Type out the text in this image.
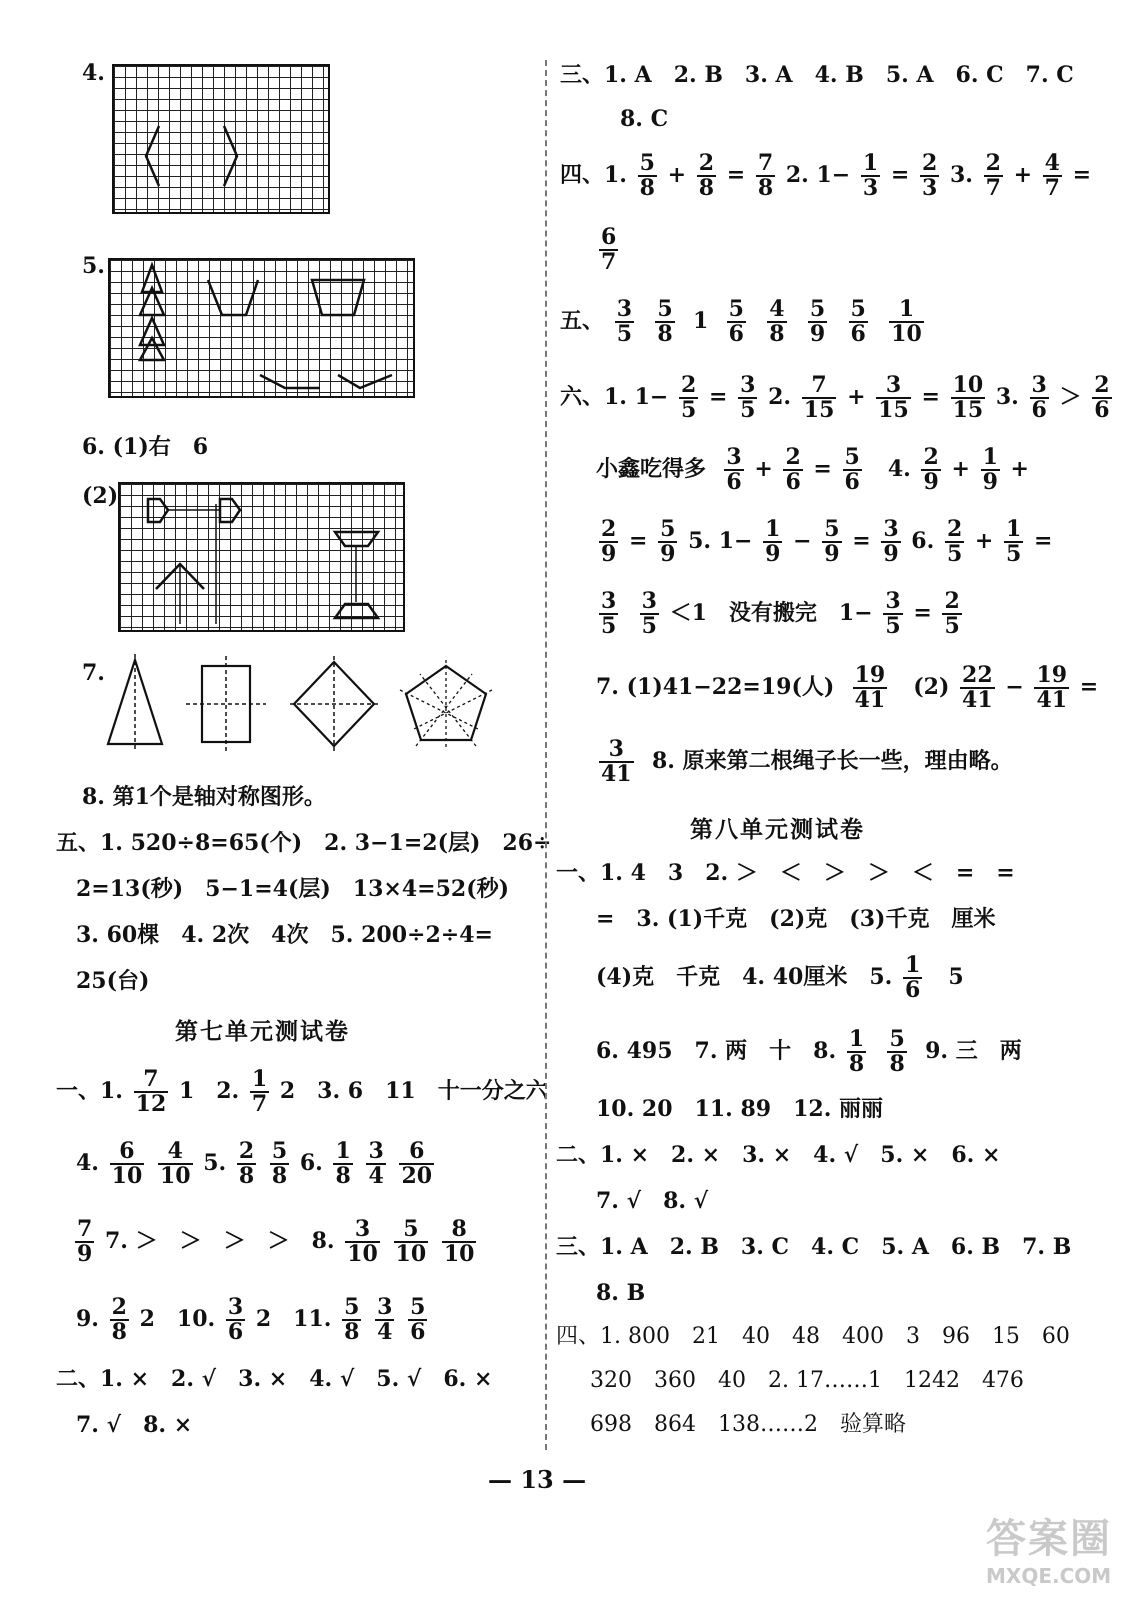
4.
5.
6. (1)右　6
(2)
7.
8. 第1个是轴对称图形。
五、1. 520÷8=65(个)　2. 3−1=2(层)　26÷
2=13(秒)　5−1=4(层)　13×4=52(秒)
3. 60棵　4. 2次　4次　5. 200÷2÷4=
25(台)
第七单元测试卷
一、1. $\frac{7}{12} 1$　2. $\frac{1}{7} 2$　3. 6　11　十一分之六
4. $\frac{6}{10}$
$\frac{4}{10} 5$. $\frac{2}{8}$
$\frac{5}{8} 6$. $\frac{1}{8}$
$\frac{3}{4}$
$\frac{6}{20}$
$\frac{7}{9} 7$. ＞　＞　＞　＞　8. $\frac{3}{10}$
$\frac{5}{10}$
$\frac{8}{10}$
9. $\frac{2}{8} 2$　10. $\frac{3}{6} 2$　11. $\frac{5}{8}$
$\frac{3}{4}$
$\frac{5}{6}$
二、1. ×　2. √　3. ×　4. √　5. √　6. ×
7. √　8. ×
三、1. A　2. B　3. A　4. B　5. A　6. C　7. C
8. C
四、1. $\frac{5}{8} + \frac{2}{8} = \frac{7}{8} 2$. $1- \frac{1}{3} = \frac{2}{3} 3$. $\frac{2}{7} + \frac{4}{7}$ =
$\frac{6}{7}$
五、 $\frac{3}{5}$
$\frac{5}{8} 1 \frac{5}{6}$
$\frac{4}{8}$
$\frac{5}{9}$
$\frac{5}{6}$
$\frac{1}{10}$
六、1. $1- \frac{2}{5} = \frac{3}{5} 2$. $\frac{7}{15} + \frac{3}{15} = \frac{10}{15} 3$. $\frac{3}{6} > \frac{2}{6}$
小鑫吃得多 $\frac{3}{6} + \frac{2}{6} = \frac{5}{6} 4$. $\frac{2}{9} + \frac{1}{9}$ +
$\frac{2}{9} = \frac{5}{9} 5$. $1- \frac{1}{9} - \frac{5}{9} = \frac{3}{9} 6$. $\frac{2}{5} + \frac{1}{5}$ =
$\frac{3}{5}$
$\frac{3}{5} <1$　没有搬完　$1- \frac{3}{5} = \frac{2}{5}$
7. (1)41−22=19(人) $\frac{19}{41} (2) \frac{22}{41} - \frac{19}{41}$ =
$\frac{3}{41} 8$. 原来第二根绳子长一些，理由略。
第八单元测试卷
一、1. 4　3　2. ＞　＜　＞　＞　＜　=　=
=　3. (1)千克　(2)克　(3)千克　厘米
(4)克　千克　4. 40厘米　5. $\frac{1}{6} 5$
6. 495　7. 两　十　8. $\frac{1}{8}$
$\frac{5}{8} 9$. 三　两
10. 20　11. 89　12. 丽丽
二、1. ×　2. ×　3. ×　4. √　5. ×　6. ×
7. √　8. √
三、1. A　2. B　3. C　4. C　5. A　6. B　7. B
8. B
四、1. 800　21　40　48　400　3　96　15　60
320　360　40　2. 17……1　1242　476
698　864　138……2　验算略
— 13 —
答案圈
MXQE.COM
